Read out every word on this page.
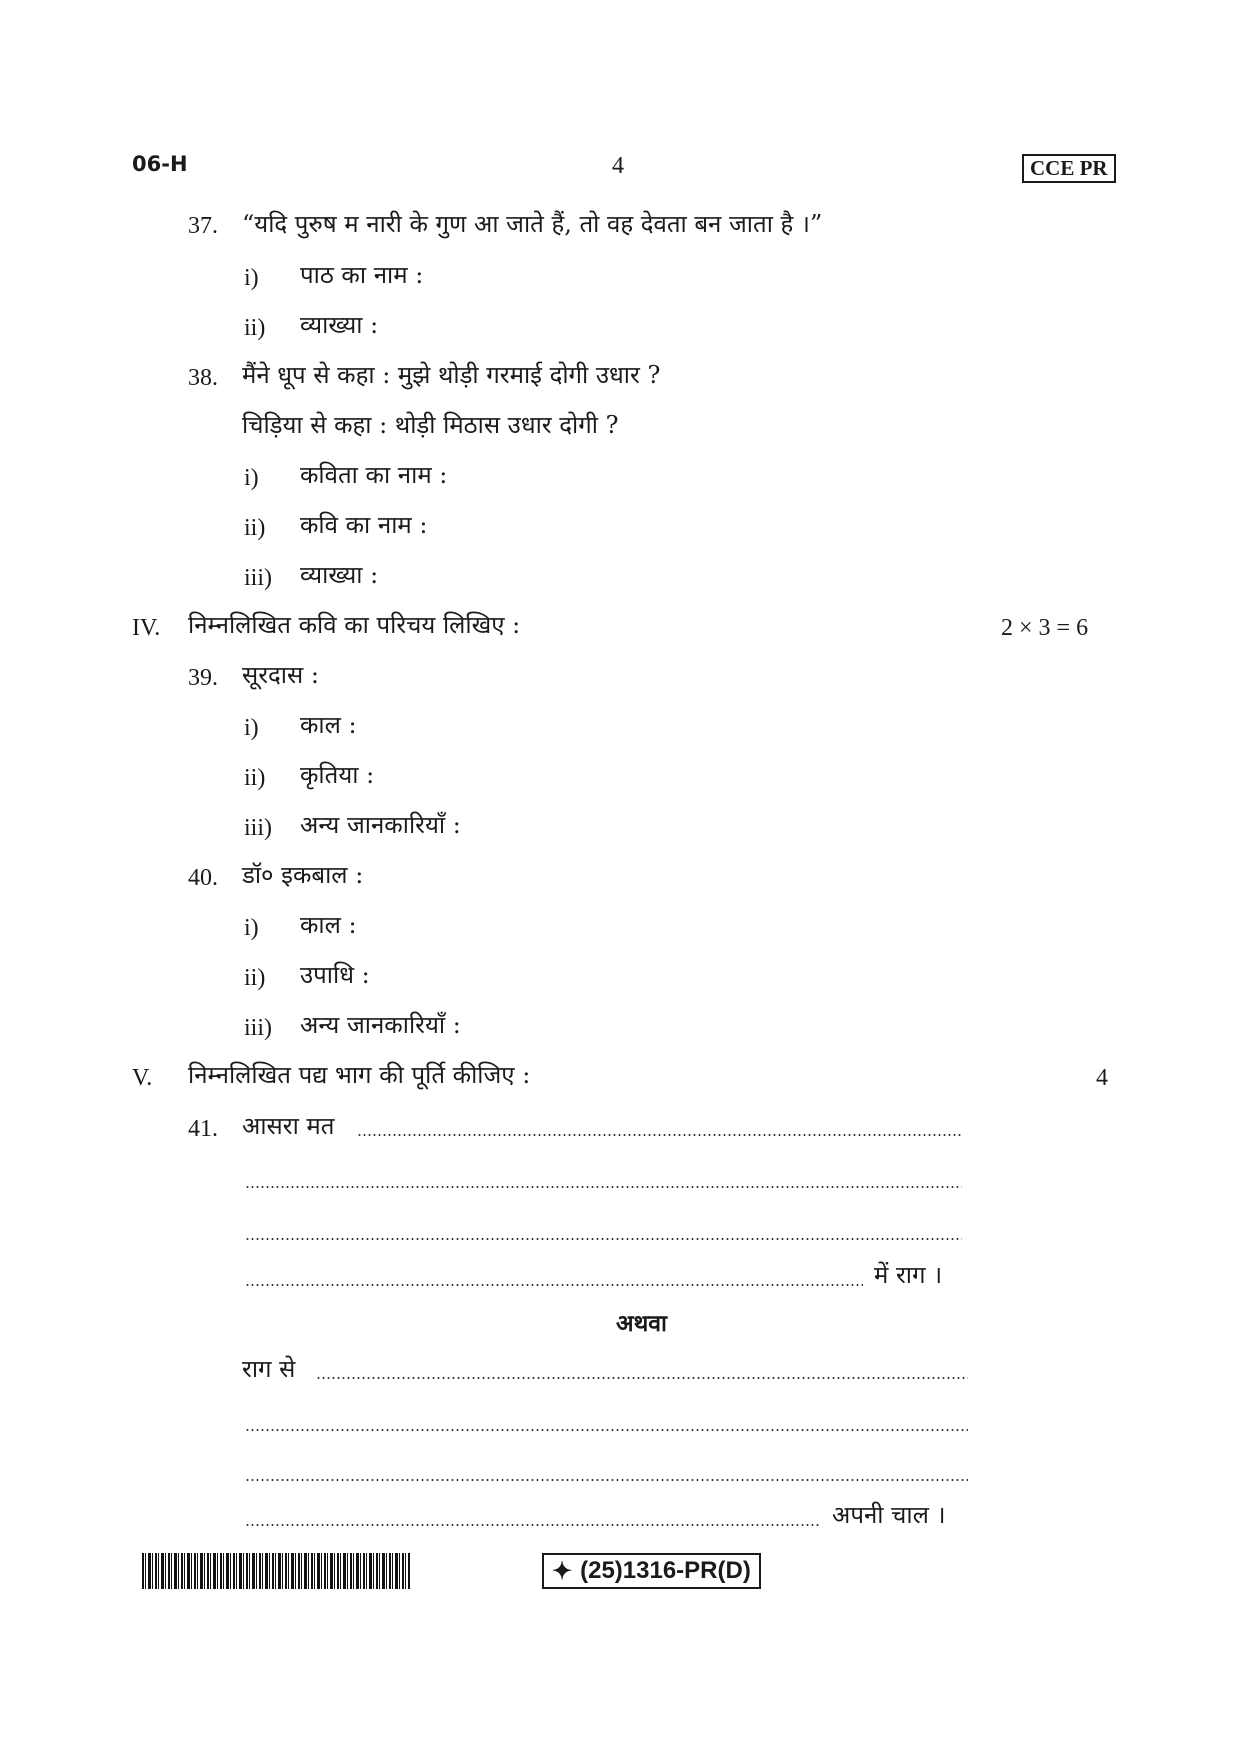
06-H	4	CCE PR
37. “यदि पुरुष म नारी के गुण आ जाते हैं, तो वह देवता बन जाता है ।”
i) पाठ का नाम :
ii) व्याख्या :
38. मैंने धूप से कहा : मुझे थोड़ी गरमाई दोगी उधार ?
चिड़िया से कहा : थोड़ी मिठास उधार दोगी ?
i) कविता का नाम :
ii) कवि का नाम :
iii) व्याख्या :
IV. निम्नलिखित कवि का परिचय लिखिए :	2 × 3 = 6
39. सूरदास :
i) काल :
ii) कृतिया :
iii) अन्य जानकारियाँ :
40. डॉ० इकबाल :
i) काल :
ii) उपाधि :
iii) अन्य जानकारियाँ :
V. निम्नलिखित पद्य भाग की पूर्ति कीजिए :	4
41. आसरा मत
में राग ।
अथवा
राग से
अपनी चाल ।
✦ (25)1316-PR(D)
